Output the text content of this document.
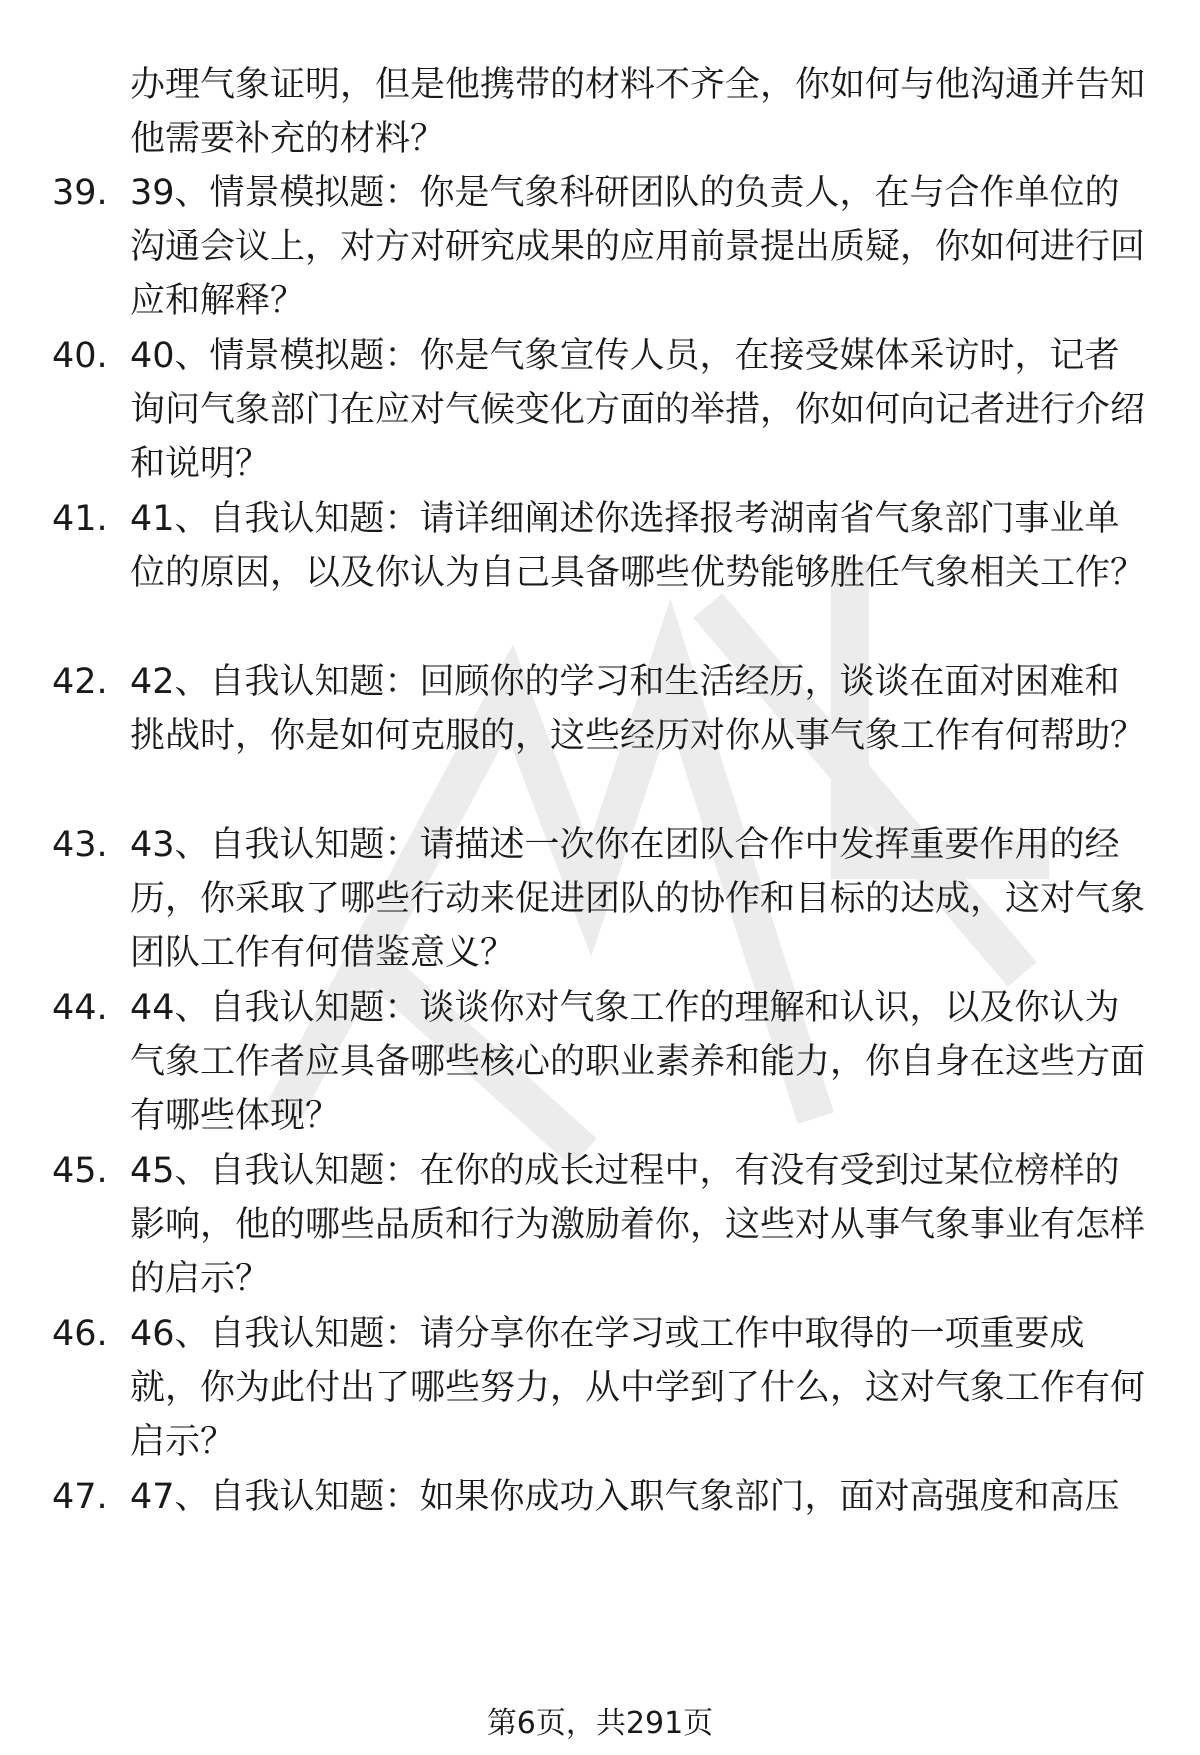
办理气象证明，但是他携带的材料不齐全，你如何与他沟通并告知他需要补充的材料？
39. 39、情景模拟题：你是气象科研团队的负责人，在与合作单位的沟通会议上，对方对研究成果的应用前景提出质疑，你如何进行回应和解释？
40. 40、情景模拟题：你是气象宣传人员，在接受媒体采访时，记者询问气象部门在应对气候变化方面的举措，你如何向记者进行介绍和说明？
41. 41、自我认知题：请详细阐述你选择报考湖南省气象部门事业单位的原因，以及你认为自己具备哪些优势能够胜任气象相关工作？
42. 42、自我认知题：回顾你的学习和生活经历，谈谈在面对困难和挑战时，你是如何克服的，这些经历对你从事气象工作有何帮助？
43. 43、自我认知题：请描述一次你在团队合作中发挥重要作用的经历，你采取了哪些行动来促进团队的协作和目标的达成，这对气象团队工作有何借鉴意义？
44. 44、自我认知题：谈谈你对气象工作的理解和认识，以及你认为气象工作者应具备哪些核心的职业素养和能力，你自身在这些方面有哪些体现？
45. 45、自我认知题：在你的成长过程中，有没有受到过某位榜样的影响，他的哪些品质和行为激励着你，这些对从事气象事业有怎样的启示？
46. 46、自我认知题：请分享你在学习或工作中取得的一项重要成就，你为此付出了哪些努力，从中学到了什么，这对气象工作有何启示？
47. 47、自我认知题：如果你成功入职气象部门，面对高强度和高压
第6页，共291页
